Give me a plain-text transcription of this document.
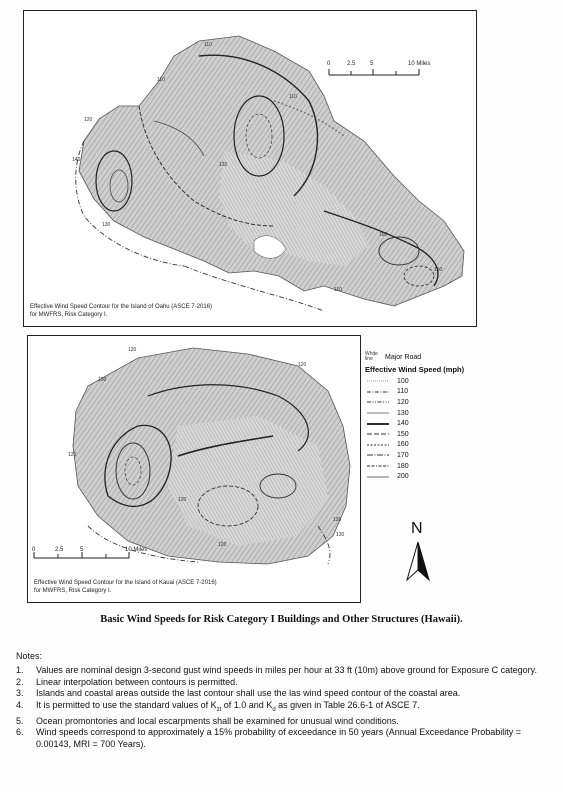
110
110
110
120
120
130
140
160
150
110
0	2.5 5	10 Miles
Effective Wind Speed Contour for the Island of Oahu (ASCE 7-2016)
for MWFRS, Risk Category I.
120
130
120
120
120
130
120
120
0	2.5	5	10 Miles
Effective Wind Speed Contour for the Island of Kauai (ASCE 7-2016)
for MWFRS, Risk Category I.
White line	Major Road
Effective Wind Speed (mph)
100
110
120
130
140
150
160
170
180
200
N
Basic Wind Speeds for Risk Category I Buildings and Other Structures (Hawaii).
Notes:
1.	Values are nominal design 3-second gust wind speeds in miles per hour at 33 ft (10m) above ground for Exposure C category.
2.	Linear interpolation between contours is permitted.
3.	Islands and coastal areas outside the last contour shall use the las wind speed contour of the coastal area.
4.	It is permitted to use the standard values of $K_{zt}$ of 1.0 and $K_d$ as given in Table 26.6-1 of ASCE 7.
5.	Ocean promontories and local escarpments shall be examined for unusual wind conditions.
6.	Wind speeds correspond to approximately a 15% probability of exceedance in 50 years (Annual Exceedance Probability = 0.00143, MRI = 700 Years).
